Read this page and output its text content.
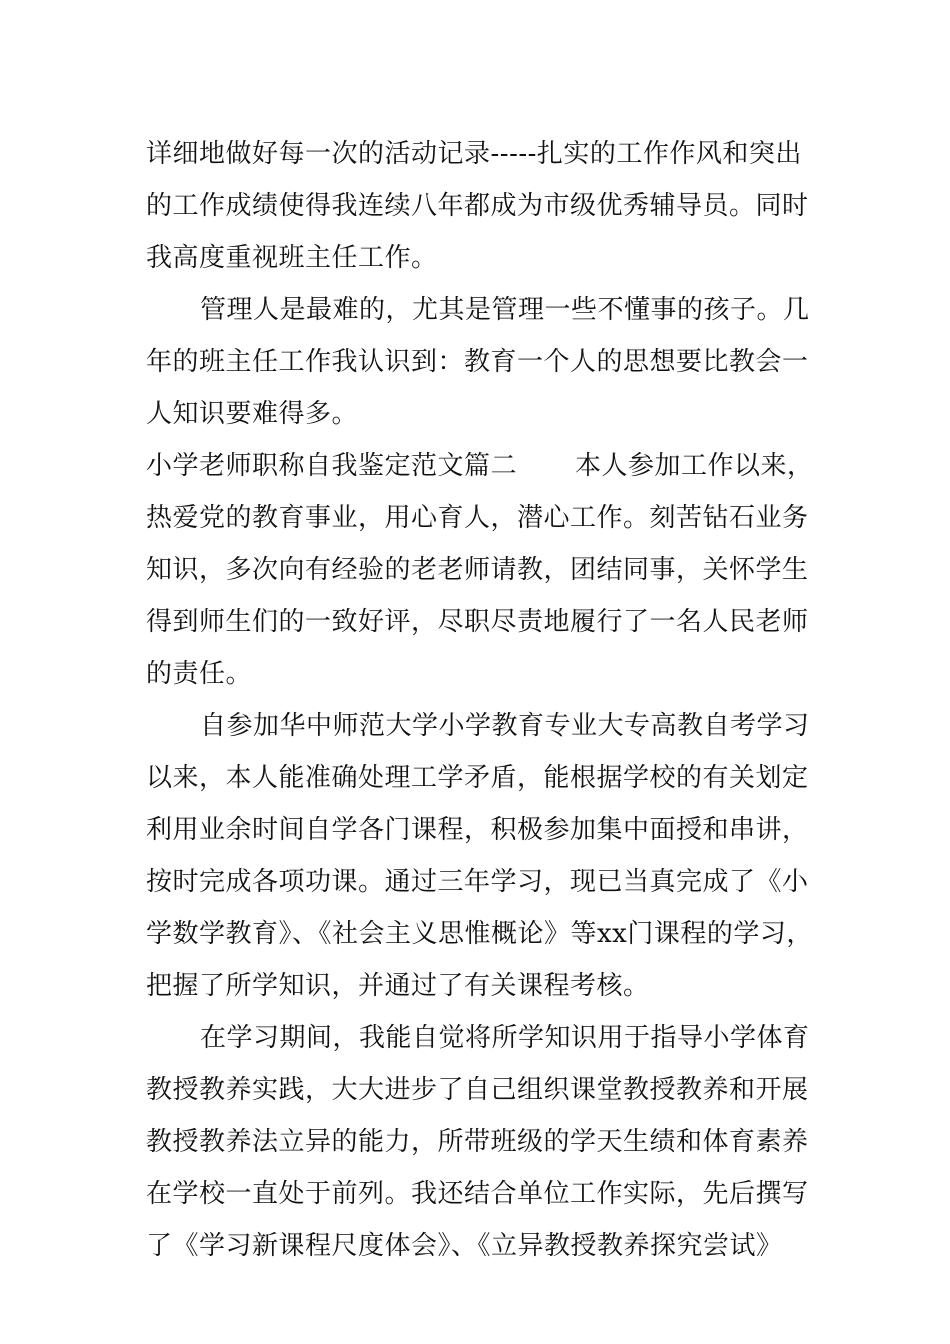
详细地做好每一次的活动记录-----扎实的工作作风和突出
的工作成绩使得我连续八年都成为市级优秀辅导员。同时
我高度重视班主任工作。
管理人是最难的，尤其是管理一些不懂事的孩子。几
年的班主任工作我认识到：教育一个人的思想要比教会一
人知识要难得多。
小学老师职称自我鉴定范文篇二 本人参加工作以来，
热爱党的教育事业，用心育人，潜心工作。刻苦钻石业务
知识，多次向有经验的老老师请教，团结同事，关怀学生
得到师生们的一致好评，尽职尽责地履行了一名人民老师
的责任。
自参加华中师范大学小学教育专业大专高教自考学习
以来，本人能准确处理工学矛盾，能根据学校的有关划定
利用业余时间自学各门课程，积极参加集中面授和串讲，
按时完成各项功课。通过三年学习，现已当真完成了《小
学数学教育》、《社会主义思惟概论》等xx门课程的学习，
把握了所学知识，并通过了有关课程考核。
在学习期间，我能自觉将所学知识用于指导小学体育
教授教养实践，大大进步了自己组织课堂教授教养和开展
教授教养法立异的能力，所带班级的学天生绩和体育素养
在学校一直处于前列。我还结合单位工作实际，先后撰写
了《学习新课程尺度体会》、《立异教授教养探究尝试》
